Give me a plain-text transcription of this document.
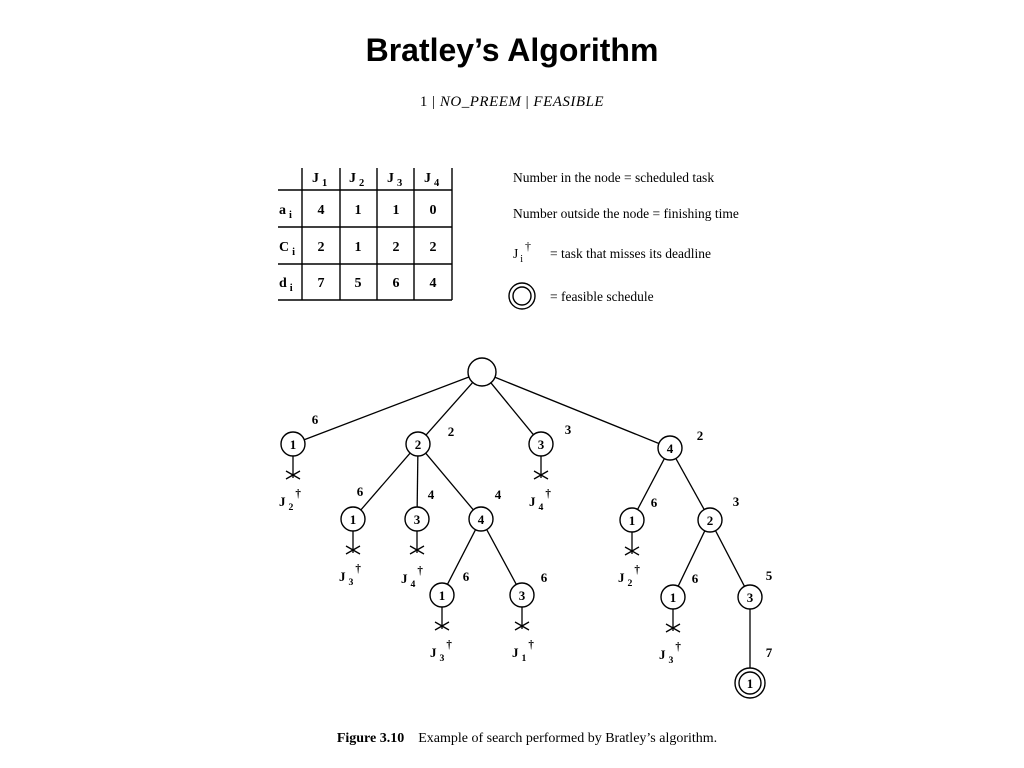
Bratley’s Algorithm
1 | NO_PREEM | FEASIBLE
J $_1$ J $_2$ J $_3$ J $_4$
a $_i$ 4 1 1 0
C $_i$ 2 1 2 2
d $_i$ 7 5 6 4
Number in the node = scheduled task
Number outside the node = finishing time
J $_i$† = task that misses its deadline
= feasible schedule
1
6
J $_2$†
2
2
3
3
J $_4$†
4
2
1
6
J $_3$†
3
4
J $_4$†
4
4
1
6
J $_3$†
3
6
J $_1$†
1
6
J $_2$†
2
3
1
6
J $_3$†
3
5
1
7
Figure 3.10 Example of search performed by Bratley’s algorithm.
